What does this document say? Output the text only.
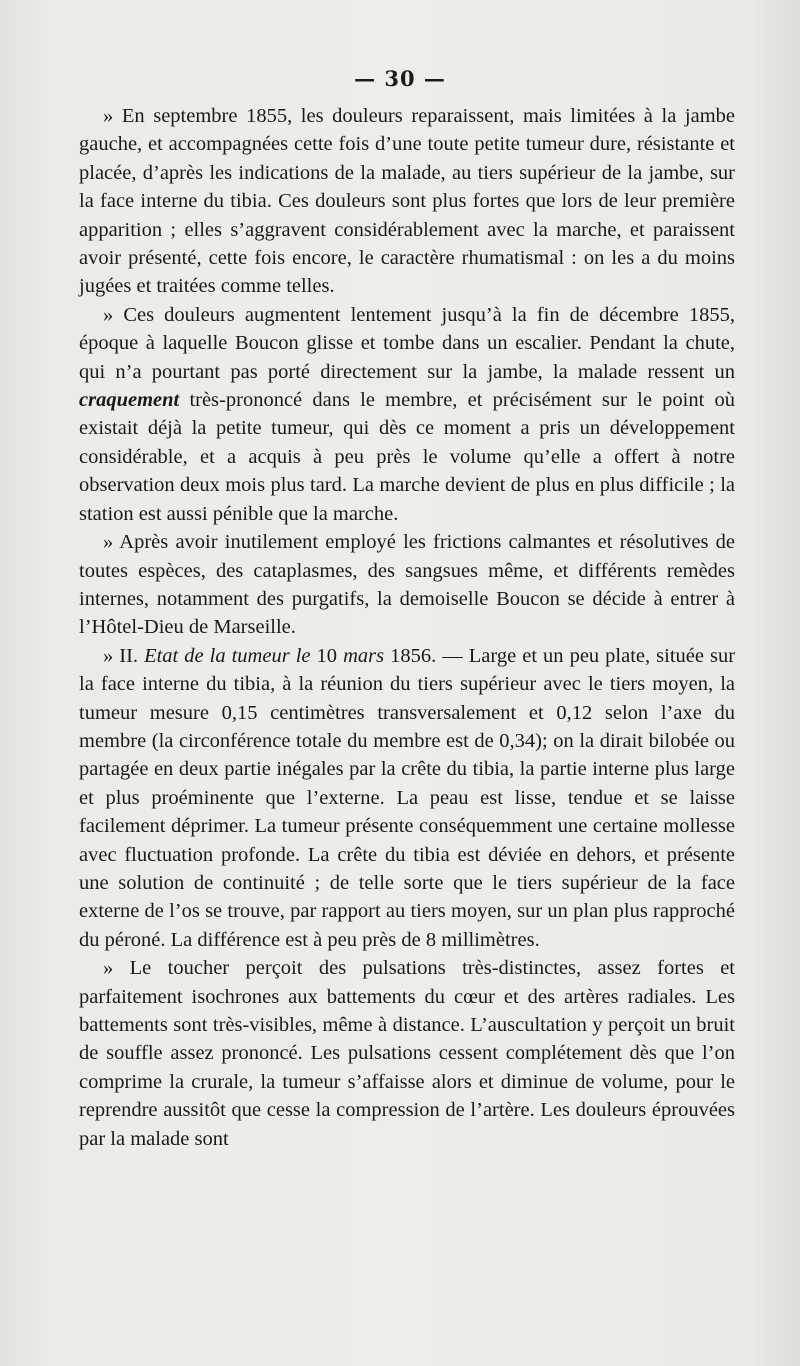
— 30 —

» En septembre 1855, les douleurs reparaissent, mais limitées à la jambe gauche, et accompagnées cette fois d’une toute petite tumeur dure, résistante et placée, d’après les indications de la malade, au tiers supérieur de la jambe, sur la face interne du tibia. Ces douleurs sont plus fortes que lors de leur première apparition ; elles s’aggravent considérablement avec la marche, et paraissent avoir présenté, cette fois encore, le caractère rhumatismal : on les a du moins jugées et traitées comme telles.

» Ces douleurs augmentent lentement jusqu’à la fin de décembre 1855, époque à laquelle Boucon glisse et tombe dans un escalier. Pendant la chute, qui n’a pourtant pas porté directement sur la jambe, la malade ressent un craquement très-prononcé dans le membre, et précisément sur le point où existait déjà la petite tumeur, qui dès ce moment a pris un développement considérable, et a acquis à peu près le volume qu’elle a offert à notre observation deux mois plus tard. La marche devient de plus en plus difficile ; la station est aussi pénible que la marche.

» Après avoir inutilement employé les frictions calmantes et résolutives de toutes espèces, des cataplasmes, des sangsues même, et différents remèdes internes, notamment des purgatifs, la demoiselle Boucon se décide à entrer à l’Hôtel-Dieu de Marseille.

» II. Etat de la tumeur le 10 mars 1856. — Large et un peu plate, située sur la face interne du tibia, à la réunion du tiers supérieur avec le tiers moyen, la tumeur mesure 0,15 centimètres transversalement et 0,12 selon l’axe du membre (la circonférence totale du membre est de 0,34); on la dirait bilobée ou partagée en deux partie inégales par la crête du tibia, la partie interne plus large et plus proéminente que l’externe. La peau est lisse, tendue et se laisse facilement déprimer. La tumeur présente conséquemment une certaine mollesse avec fluctuation profonde. La crête du tibia est déviée en dehors, et présente une solution de continuité ; de telle sorte que le tiers supérieur de la face externe de l’os se trouve, par rapport au tiers moyen, sur un plan plus rapproché du péroné. La différence est à peu près de 8 millimètres.

» Le toucher perçoit des pulsations très-distinctes, assez fortes et parfaitement isochrones aux battements du cœur et des artères radiales. Les battements sont très-visibles, même à distance. L’auscultation y perçoit un bruit de souffle assez prononcé. Les pulsations cessent complétement dès que l’on comprime la crurale, la tumeur s’affaisse alors et diminue de volume, pour le reprendre aussitôt que cesse la compression de l’artère. Les douleurs éprouvées par la malade sont
